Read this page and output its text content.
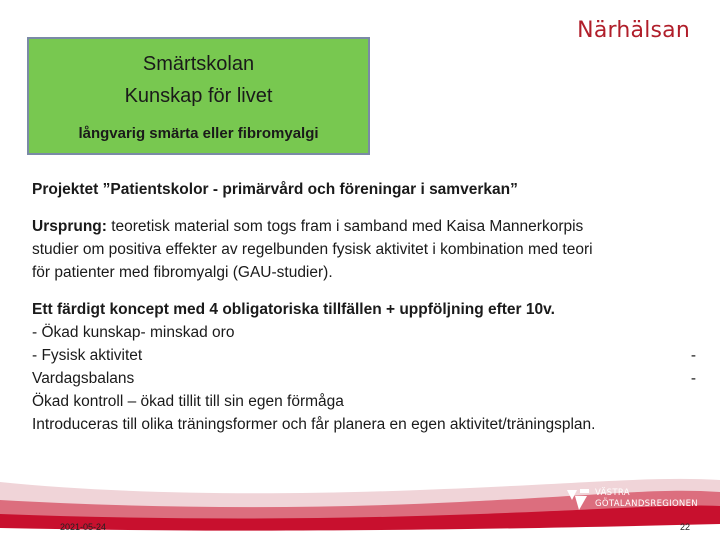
Närhälsan
Smärtskolan
Kunskap för livet
långvarig smärta eller fibromyalgi
Projektet ”Patientskolor - primärvård och föreningar i samverkan”
Ursprung: teoretisk material som togs fram i samband med Kaisa Mannerkorpis
studier om positiva effekter av regelbunden fysisk aktivitet i kombination med teori
för patienter med fibromyalgi (GAU-studier).
Ett färdigt koncept med 4 obligatoriska tillfällen + uppföljning efter 10v.
- Ökad kunskap- minskad oro
- Fysisk aktivitet	-
Vardagsbalans	-
Ökad kontroll – ökad tillit till sin egen förmåga
Introduceras till olika träningsformer och får planera en egen aktivitet/träningsplan.
VÄSTRA
GÖTALANDSREGIONEN
2021-05-24	22
